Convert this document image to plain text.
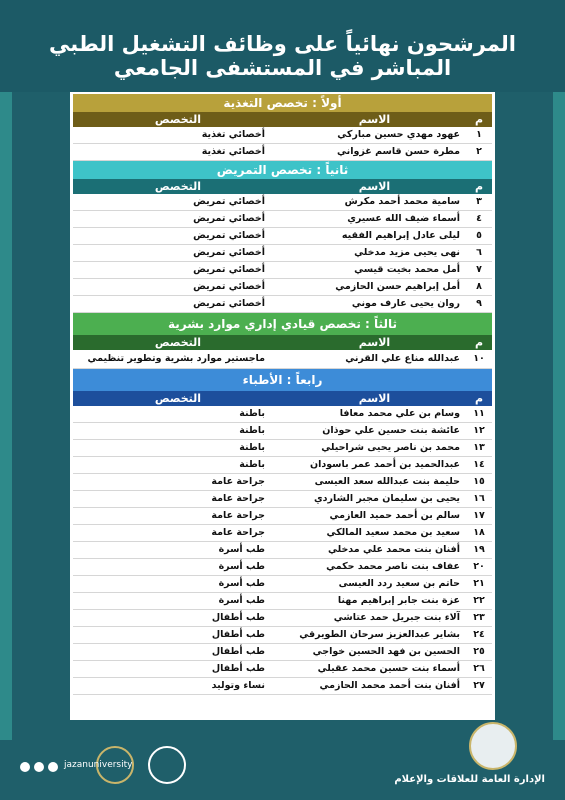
المرشحون نهائياً على وظائف التشغيل الطبي المباشر في المستشفى الجامعي
أولاً : تخصص التغذية
م
الاسم
التخصص
١
عهود مهدي حسين مباركي
أخصائي تغذية
٢
مطرة حسن قاسم غزواني
أخصائي تغذية
ثانياً : تخصص التمريض
م
الاسم
التخصص
٣
سامية محمد أحمد مكرش
أخصائي تمريض
٤
أسماء ضيف الله عسيري
أخصائي تمريض
٥
ليلى عادل إبراهيم الفقيه
أخصائي تمريض
٦
نهى يحيى مزيد مدخلي
أخصائي تمريض
٧
أمل محمد بخيت قيسي
أخصائي تمريض
٨
أمل إبراهيم حسن الحازمي
أخصائي تمريض
٩
روان يحيى عارف موني
أخصائي تمريض
ثالثاً : تخصص قيادي إداري موارد بشرية
م
الاسم
التخصص
١٠
عبدالله مناع علي القرني
ماجستير موارد بشرية وتطوير تنظيمي
رابعاً : الأطباء
م
الاسم
التخصص
١١
وسام بن علي محمد معافا
باطنة
١٢
عائشة بنت حسين علي حوذان
باطنة
١٣
محمد بن ناصر يحيى شراحيلي
باطنة
١٤
عبدالحميد بن أحمد عمر باسودان
باطنة
١٥
حليمة بنت عبدالله سعد العيسى
جراحة عامة
١٦
يحيى بن سليمان مجبر الشاردي
جراحة عامة
١٧
سالم بن أحمد حميد العازمي
جراحة عامة
١٨
سعيد بن محمد سعيد المالكي
جراحة عامة
١٩
أفنان بنت محمد علي مدخلي
طب أسرة
٢٠
عفاف بنت ناصر محمد حكمي
طب أسرة
٢١
حاتم بن سعيد ردد العيسى
طب أسرة
٢٢
عزة بنت جابر إبراهيم مهنا
طب أسرة
٢٣
آلاء بنت جبريل حمد عتاشي
طب أطفال
٢٤
بشاير عبدالعزيز سرحان الطويرقي
طب أطفال
٢٥
الحسين بن فهد الحسين خواجي
طب أطفال
٢٦
أسماء بنت حسين محمد عقيلي
طب أطفال
٢٧
أفنان بنت أحمد محمد الحازمي
نساء وتوليد
jazanuniversity
الإدارة العامة للعلاقات والإعلام
